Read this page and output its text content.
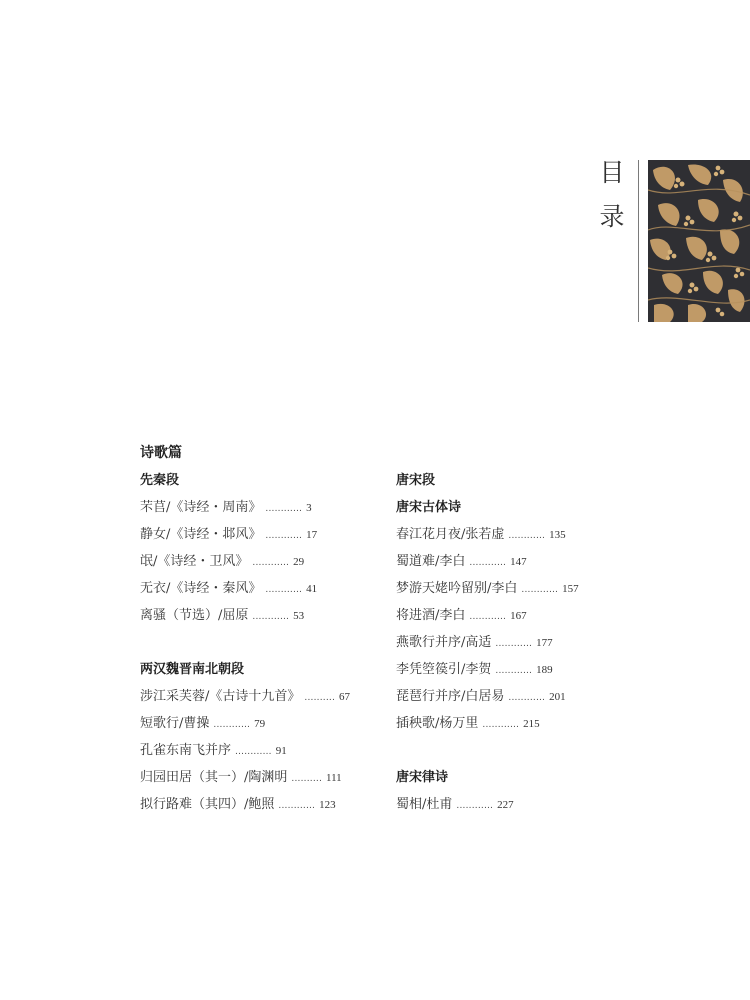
目
录
诗歌篇
先秦段
芣苢/《诗经・周南》 ............ 3
静女/《诗经・邶风》 ............ 17
氓/《诗经・卫风》 ............ 29
无衣/《诗经・秦风》 ............ 41
离骚（节选）/屈原 ............ 53
两汉魏晋南北朝段
涉江采芙蓉/《古诗十九首》 .......... 67
短歌行/曹操 ............ 79
孔雀东南飞并序 ............ 91
归园田居（其一）/陶渊明 .......... 111
拟行路难（其四）/鲍照 ............ 123
唐宋段
唐宋古体诗
春江花月夜/张若虚 ............ 135
蜀道难/李白 ............ 147
梦游天姥吟留别/李白 ............ 157
将进酒/李白 ............ 167
燕歌行并序/高适 ............ 177
李凭箜篌引/李贺 ............ 189
琵琶行并序/白居易 ............ 201
插秧歌/杨万里 ............ 215
唐宋律诗
蜀相/杜甫 ............ 227
